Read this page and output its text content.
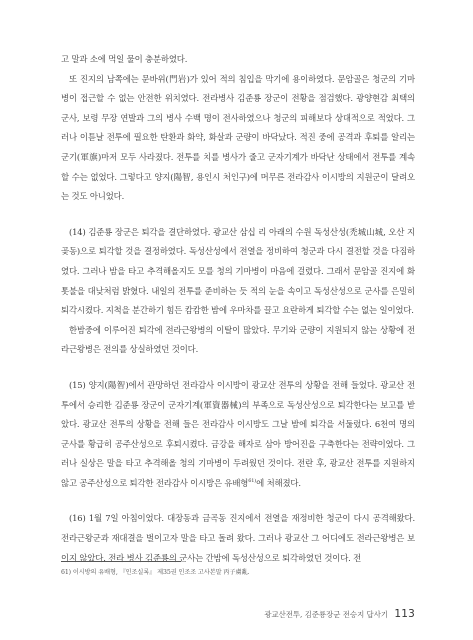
고 말과 소에 먹일 물이 충분하였다.

또 진지의 남쪽에는 문바위(門岩)가 있어 적의 침입을 막기에 용이하였다. 문암골은 청군의 기마병이 접근할 수 없는 안전한 위치였다. 전라병사 김준룡 장군이 전황을 점검했다. 광양현감 최택의 군사, 보령 무장 연발과 그의 병사 수백 명이 전사하였으나 청군의 피해보다 상대적으로 적었다. 그러나 이튿날 전투에 필요한 탄환과 화약, 화살과 군량이 바닥났다. 적진 중에 공격과 후퇴를 알리는 군기(軍旗)마저 모두 사라졌다. 전투를 치를 병사가 줄고 군자기계가 바닥난 상태에서 전투를 계속할 수는 없었다. 그렇다고 양지(陽智, 용인시 처인구)에 머무른 전라감사 이시방의 지원군이 달려오는 것도 아니었다.

(14) 김준룡 장군은 퇴각을 결단하였다. 광교산 삼십 리 아래의 수원 독성산성(禿城山城, 오산 지곶동)으로 퇴각할 것을 결정하였다. 독성산성에서 전열을 정비하여 청군과 다시 결전할 것을 다짐하였다. 그러나 밤을 타고 추격해올지도 모를 청의 기마병이 마음에 걸렸다. 그래서 문암골 진지에 화톳불을 대낮처럼 밝혔다. 내일의 전투를 준비하는 듯 적의 눈을 속이고 독성산성으로 군사를 은밀히 퇴각시켰다. 지척을 분간하기 힘든 캄캄한 밤에 우마차를 끌고 요란하게 퇴각할 수는 없는 일이었다.

한밤중에 이루어진 퇴각에 전라근왕병의 이탈이 많았다. 무기와 군량이 지원되지 않는 상황에 전라근왕병은 전의를 상실하였던 것이다.

(15) 양지(陽智)에서 관망하던 전라감사 이시방이 광교산 전투의 상황을 전해 들었다. 광교산 전투에서 승리한 김준룡 장군이 군자기계(軍資器械)의 부족으로 독성산성으로 퇴각한다는 보고를 받았다. 광교산 전투의 상황을 전해 들은 전라감사 이시방도 그날 밤에 퇴각을 서둘렀다. 6천여 명의 군사를 황급히 공주산성으로 후퇴시켰다. 금강을 해자로 삼아 방어진을 구축한다는 전략이었다. 그러나 실상은 말을 타고 추격해올 청의 기마병이 두려웠던 것이다. 전란 후, 광교산 전투를 지원하지 않고 공주산성으로 퇴각한 전라감사 이시방은 유배형$^{61)}$에 처해졌다.

(16) 1월 7일 아침이었다. 대장동과 금곡동 진지에서 전열을 재정비한 청군이 다시 공격해왔다. 전라근왕군과 재대결을 벌이고자 말을 타고 돌려 왔다. 그러나 광교산 그 어디에도 전라근왕병은 보이지 않았다. 전라 병사 김준룡의 군사는 간밤에 독성산성으로 퇴각하였던 것이다. 전

61) 이시방의 유배형, 『인조실록』 제35권 인조조 고사본말 丙子虜亂.
광교산전투, 김준룡장군 전승지 답사기 113
